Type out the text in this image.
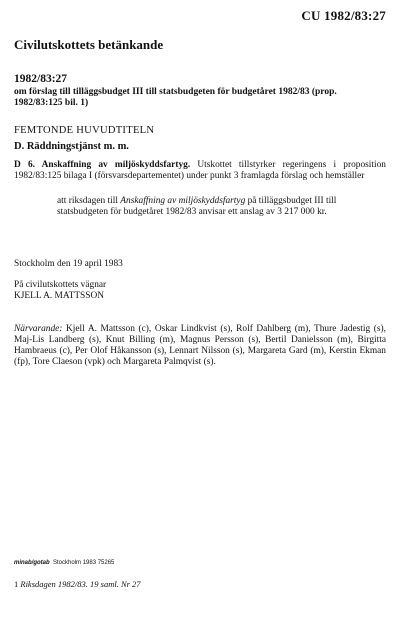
CU 1982/83:27
Civilutskottets betänkande
1982/83:27
om förslag till tilläggsbudget III till statsbudgeten för budgetåret 1982/83 (prop. 1982/83:125 bil. 1)
FEMTONDE HUVUDTITELN
D. Räddningstjänst m. m.
D 6. Anskaffning av miljöskyddsfartyg. Utskottet tillstyrker regeringens i proposition 1982/83:125 bilaga I (försvarsdepartementet) under punkt 3 framlagda förslag och hemställer
att riksdagen till Anskaffning av miljöskyddsfartyg på tilläggsbudget III till statsbudgeten för budgetåret 1982/83 anvisar ett anslag av 3 217 000 kr.
Stockholm den 19 april 1983
På civilutskottets vägnar
KJELL A. MATTSSON
Närvarande: Kjell A. Mattsson (c), Oskar Lindkvist (s), Rolf Dahlberg (m), Thure Jadestig (s), Maj-Lis Landberg (s), Knut Billing (m), Magnus Persson (s), Bertil Danielsson (m), Birgitta Hambraeus (c), Per Olof Håkansson (s), Lennart Nilsson (s), Margareta Gard (m), Kerstin Ekman (fp), Tore Claeson (vpk) och Margareta Palmqvist (s).
minab/gotab Stockholm 1983 75265
1 Riksdagen 1982/83. 19 saml. Nr 27
